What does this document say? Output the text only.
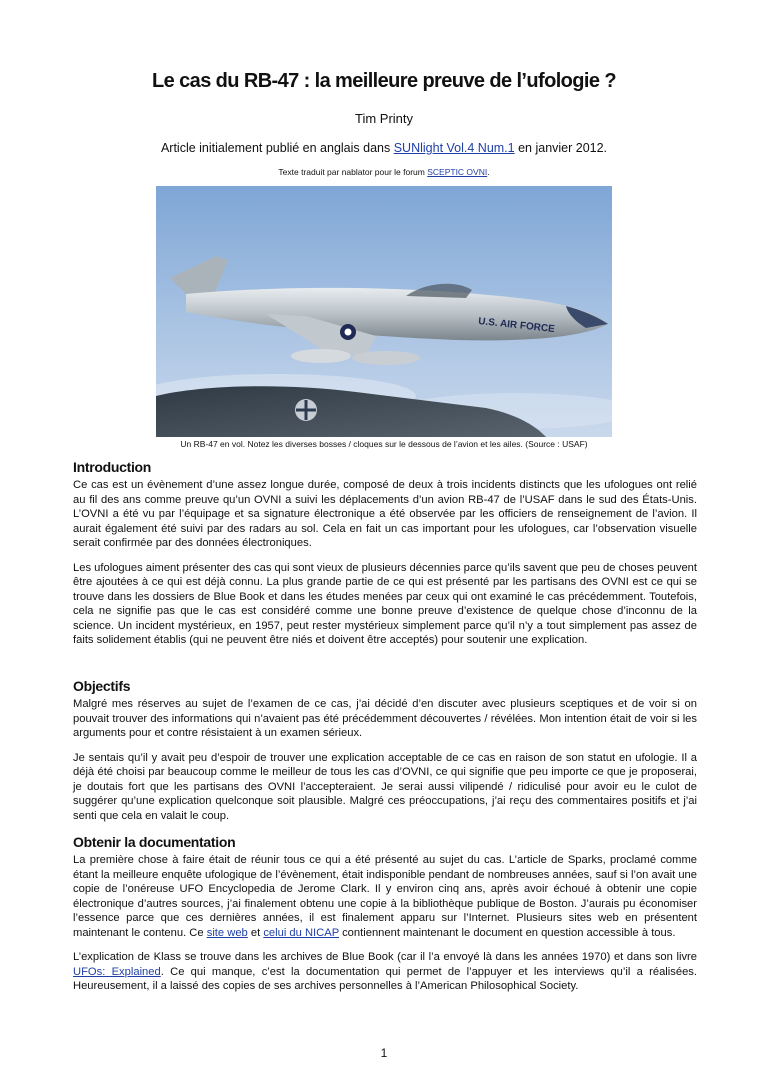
Le cas du RB-47 : la meilleure preuve de l’ufologie ?
Tim Printy
Article initialement publié en anglais dans SUNlight Vol.4 Num.1 en janvier 2012.
Texte traduit par nablator pour le forum SCEPTIC OVNI.
U.S. AIR FORCE
Un RB-47 en vol. Notez les diverses bosses / cloques sur le dessous de l’avion et les ailes. (Source : USAF)
Introduction

Ce cas est un évènement d’une assez longue durée, composé de deux à trois incidents distincts que les ufologues ont relié au fil des ans comme preuve qu’un OVNI a suivi les déplacements d’un avion RB-47 de l’USAF dans le sud des États-Unis. L’OVNI a été vu par l’équipage et sa signature électronique a été observée par les officiers de renseignement de l’avion. Il aurait également été suivi par des radars au sol. Cela en fait un cas important pour les ufologues, car l’observation visuelle serait confirmée par des données électroniques.

Les ufologues aiment présenter des cas qui sont vieux de plusieurs décennies parce qu’ils savent que peu de choses peuvent être ajoutées à ce qui est déjà connu. La plus grande partie de ce qui est présenté par les partisans des OVNI est ce qui se trouve dans les dossiers de Blue Book et dans les études menées par ceux qui ont examiné le cas précédemment. Toutefois, cela ne signifie pas que le cas est considéré comme une bonne preuve d’existence de quelque chose d’inconnu de la science. Un incident mystérieux, en 1957, peut rester mystérieux simplement parce qu’il n’y a tout simplement pas assez de faits solidement établis (qui ne peuvent être niés et doivent être acceptés) pour soutenir une explication.

Objectifs

Malgré mes réserves au sujet de l’examen de ce cas, j’ai décidé d’en discuter avec plusieurs sceptiques et de voir si on pouvait trouver des informations qui n’avaient pas été précédemment découvertes / révélées. Mon intention était de voir si les arguments pour et contre résistaient à un examen sérieux.

Je sentais qu’il y avait peu d’espoir de trouver une explication acceptable de ce cas en raison de son statut en ufologie. Il a déjà été choisi par beaucoup comme le meilleur de tous les cas d’OVNI, ce qui signifie que peu importe ce que je proposerai, je doutais fort que les partisans des OVNI l’accepteraient. Je serai aussi vilipendé / ridiculisé pour avoir eu le culot de suggérer qu’une explication quelconque soit plausible. Malgré ces préoccupations, j’ai reçu des commentaires positifs et j’ai senti que cela en valait le coup.

Obtenir la documentation

La première chose à faire était de réunir tous ce qui a été présenté au sujet du cas. L’article de Sparks, proclamé comme étant la meilleure enquête ufologique de l’évènement, était indisponible pendant de nombreuses années, sauf si l’on avait une copie de l’onéreuse UFO Encyclopedia de Jerome Clark. Il y environ cinq ans, après avoir échoué à obtenir une copie électronique d’autres sources, j’ai finalement obtenu une copie à la bibliothèque publique de Boston. J’aurais pu économiser l’essence parce que ces dernières années, il est finalement apparu sur l’Internet. Plusieurs sites web en présentent maintenant le contenu. Ce site web et celui du NICAP contiennent maintenant le document en question accessible à tous.

L’explication de Klass se trouve dans les archives de Blue Book (car il l’a envoyé là dans les années 1970) et dans son livre UFOs: Explained. Ce qui manque, c’est la documentation qui permet de l’appuyer et les interviews qu’il a réalisées. Heureusement, il a laissé des copies de ses archives personnelles à l’American Philosophical Society.

1
